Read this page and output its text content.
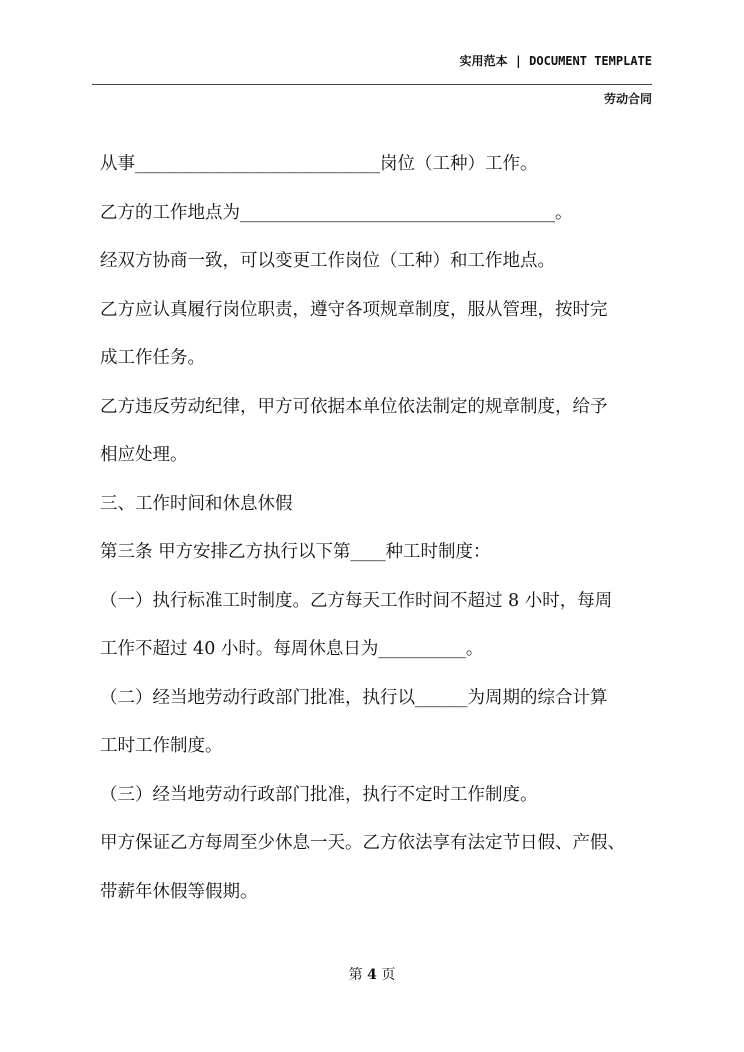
实用范本 | DOCUMENT TEMPLATE
劳动合同

从事____________________________岗位（工种）工作。

乙方的工作地点为____________________________________。

经双方协商一致，可以变更工作岗位（工种）和工作地点。

乙方应认真履行岗位职责，遵守各项规章制度，服从管理，按时完

成工作任务。

乙方违反劳动纪律，甲方可依据本单位依法制定的规章制度，给予

相应处理。

三、工作时间和休息休假

第三条 甲方安排乙方执行以下第____种工时制度：

（一）执行标准工时制度。乙方每天工作时间不超过 8 小时，每周

工作不超过 40 小时。每周休息日为__________。

（二）经当地劳动行政部门批准，执行以______为周期的综合计算

工时工作制度。

（三）经当地劳动行政部门批准，执行不定时工作制度。

甲方保证乙方每周至少休息一天。乙方依法享有法定节日假、产假、

带薪年休假等假期。

第 4 页
